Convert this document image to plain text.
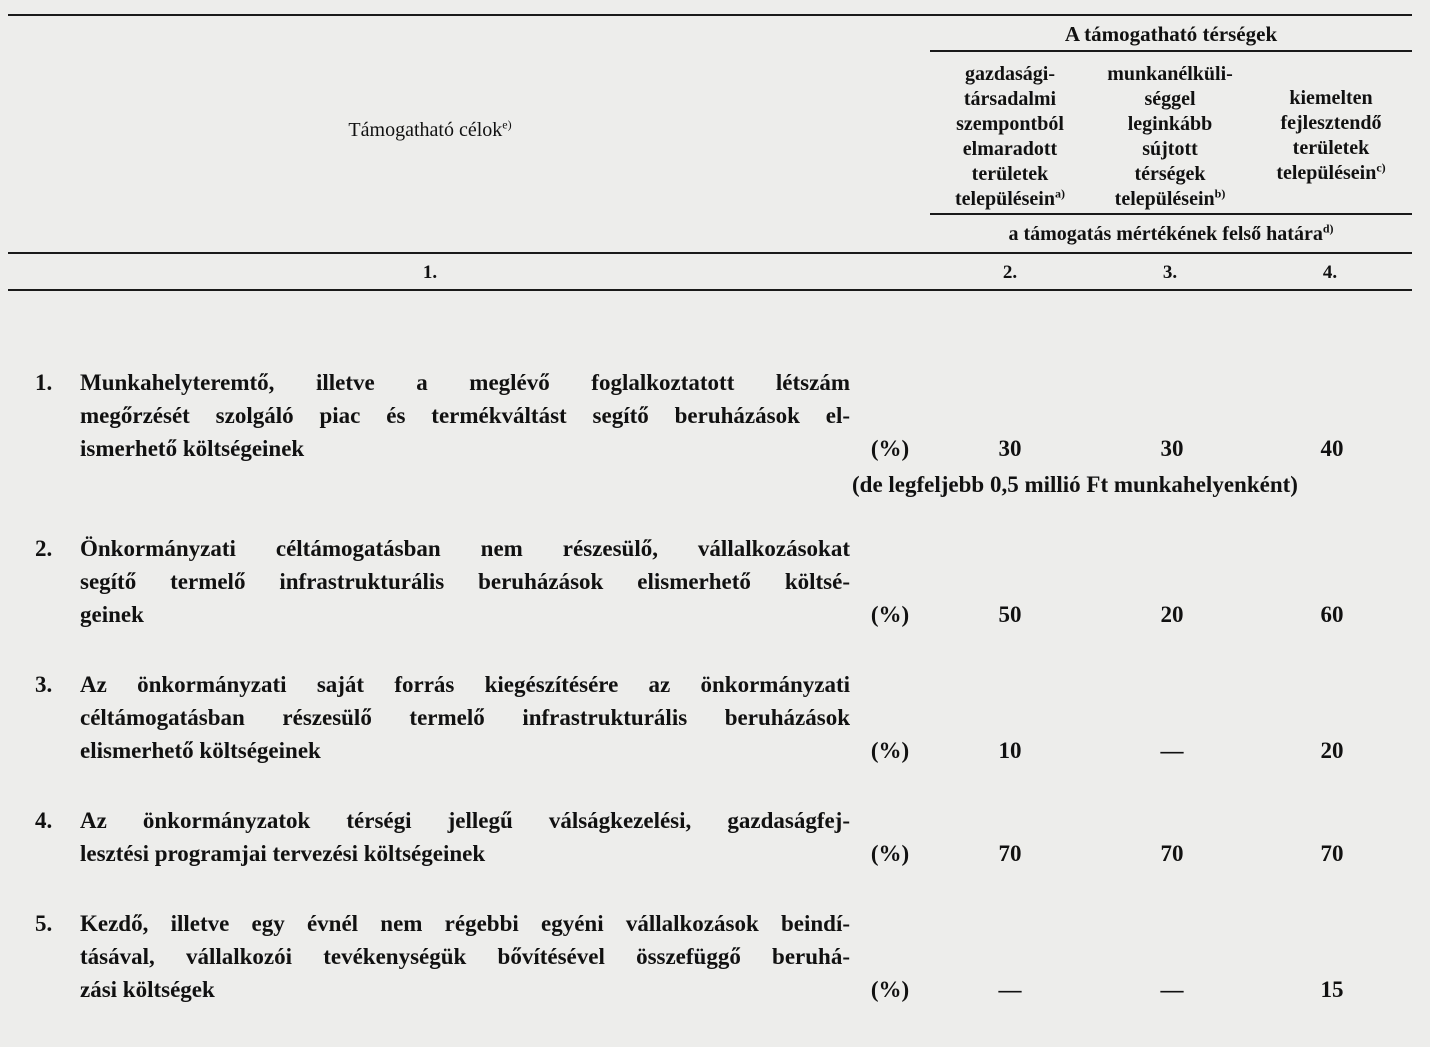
A támogatható térségek
Támogatható célok$^{e)}$
gazdasági-
társadalmi
szempontból
elmaradott
területek
településein$^{a)}$
munkanélküli-
séggel
leginkább
sújtott
térségek
településein$^{b)}$
kiemelten
fejlesztendő
területek
településein$^{c)}$
a támogatás mértékének felső határa$^{d)}$
1.	2.	3.	4.
1. Munkahelyteremtő, illetve a meglévő foglalkoztatott létszám
megőrzését szolgáló piac és termékváltást segítő beruházások el-
ismerhető költségeinek	(%)	30	30	40
(de legfeljebb 0,5 millió Ft munkahelyenként)
2. Önkormányzati céltámogatásban nem részesülő, vállalkozásokat
segítő termelő infrastrukturális beruházások elismerhető költsé-
geinek	(%)	50	20	60
3. Az önkormányzati saját forrás kiegészítésére az önkormányzati
céltámogatásban részesülő termelő infrastrukturális beruházások
elismerhető költségeinek	(%)	10	—	20
4. Az önkormányzatok térségi jellegű válságkezelési, gazdaságfej-
lesztési programjai tervezési költségeinek	(%)	70	70	70
5. Kezdő, illetve egy évnél nem régebbi egyéni vállalkozások beindí-
tásával, vállalkozói tevékenységük bővítésével összefüggő beruhá-
zási költségek	(%)	—	—	15
